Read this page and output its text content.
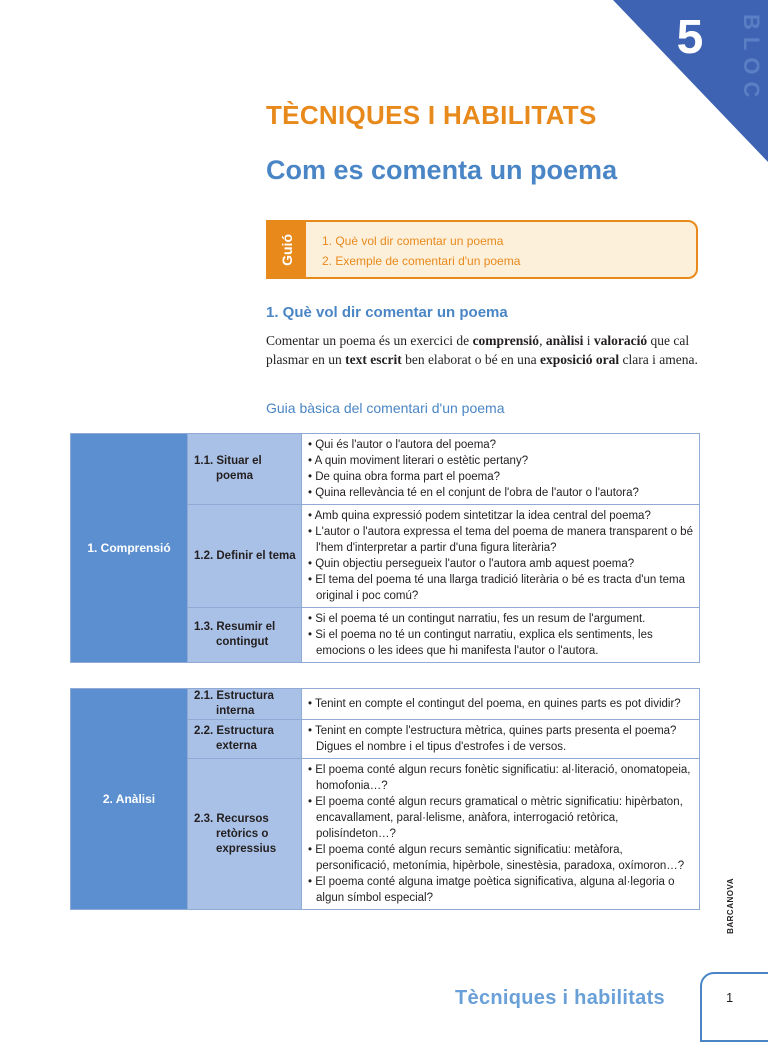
5	BLOC
TÈCNIQUES I HABILITATS
Com es comenta un poema
Guió 1. Què vol dir comentar un poema
2. Exemple de comentari d'un poema
1. Què vol dir comentar un poema
Comentar un poema és un exercici de comprensió, anàlisi i valoració que cal plasmar en un text escrit ben elaborat o bé en una exposició oral clara i amena.
Guia bàsica del comentari d'un poema
1. Comprensió	1.1. Situar el poema	• Qui és l'autor o l'autora del poema?
• A quin moviment literari o estètic pertany?
• De quina obra forma part el poema?
• Quina rellevància té en el conjunt de l'obra de l'autor o l'autora?

	1.2. Definir el tema	• Amb quina expressió podem sintetitzar la idea central del poema?
• L'autor o l'autora expressa el tema del poema de manera transparent o bé l'hem d'interpretar a partir d'una figura literària?
• Quin objectiu persegueix l'autor o l'autora amb aquest poema?
• El tema del poema té una llarga tradició literària o bé es tracta d'un tema original i poc comú?

	1.3. Resumir el contingut	• Si el poema té un contingut narratiu, fes un resum de l'argument.
• Si el poema no té un contingut narratiu, explica els sentiments, les emocions o les idees que hi manifesta l'autor o l'autora.
2. Anàlisi	2.1. Estructura interna	• Tenint en compte el contingut del poema, en quines parts es pot dividir?

	2.2. Estructura externa	• Tenint en compte l'estructura mètrica, quines parts presenta el poema? Digues el nombre i el tipus d'estrofes i de versos.

	2.3. Recursos retòrics o expressius	• El poema conté algun recurs fonètic significatiu: al·literació, onomatopeia, homofonia…?
• El poema conté algun recurs gramatical o mètric significatiu: hipèrbaton, encavallament, paral·lelisme, anàfora, interrogació retòrica, polisíndeton…?
• El poema conté algun recurs semàntic significatiu: metàfora, personificació, metonímia, hipèrbole, sinestèsia, paradoxa, oxímoron…?
• El poema conté alguna imatge poètica significativa, alguna al·legoria o algun símbol especial?	BARCANOVA
Tècniques i habilitats	1
